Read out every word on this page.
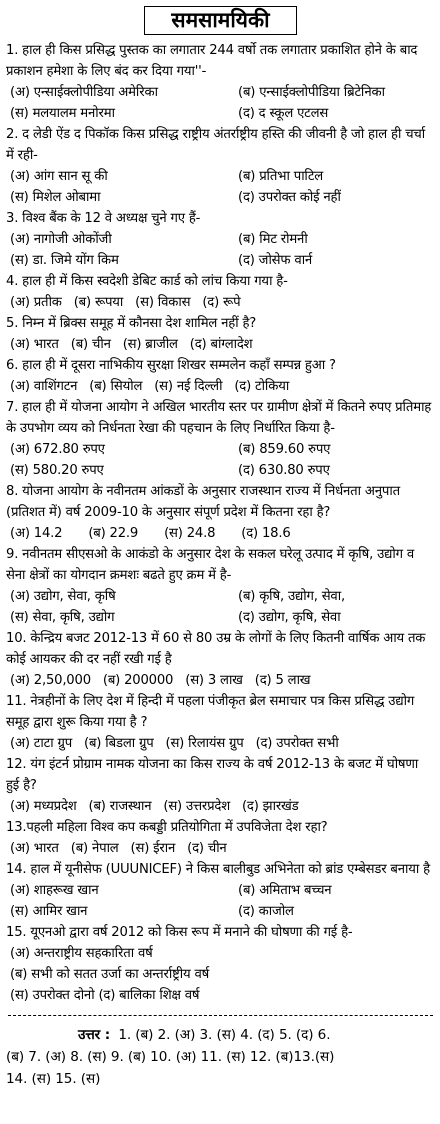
समसामयिकी
1. हाल ही किस प्रसिद्ध पुस्तक का लगातार 244 वर्षो तक लगातार प्रकाशित होने के बाद प्रकाशन हमेशा के लिए बंद कर दिया गया''-
(अ) एन्साईक्लोपीडिया अमेरिका	(ब) एन्साईक्लोपीडिया ब्रिटेनिका
(स) मलयालम मनोरमा	(द) द स्कूल एटलस
2. द लेडी ऐंड द पिकॉक किस प्रसिद्ध राष्ट्रीय अंतर्राष्ट्रीय हस्ति की जीवनी है जो हाल ही चर्चा में रही-
(अ) आंग सान सू की	(ब) प्रतिभा पाटिल
(स) मिशेल ओबामा	(द) उपरोक्त कोई नहीं
3. विश्व बैंक के 12 वे अध्यक्ष चुने गए हैं-
(अ) नागोजी ओकोंजी	(ब) मिट रोमनी
(स) डा. जिमे योंग किम	(द) जोसेफ वार्न
4. हाल ही में किस स्वदेशी डेबिट कार्ड को लांच किया गया है-
(अ) प्रतीक (ब) रूपया (स) विकास (द) रूपे
5. निम्न में ब्रिक्स समूह में कौनसा देश शामिल नहीं है?
(अ) भारत (ब) चीन (स) ब्राजील (द) बांग्लादेश
6. हाल ही में दूसरा नाभिकीय सुरक्षा शिखर सम्मलेन कहाँ सम्पन्न हुआ ?
(अ) वाशिंगटन (ब) सियोल (स) नई दिल्ली (द) टोकिया
7. हाल ही में योजना आयोग ने अखिल भारतीय स्तर पर ग्रामीण क्षेत्रों में कितने रुपए प्रतिमाह के उपभोग व्यय को निर्धनता रेखा की पहचान के लिए निर्धारित किया है-
(अ) 672.80 रुपए	(ब) 859.60 रुपए
(स) 580.20 रुपए	(द) 630.80 रुपए
8. योजना आयोग के नवीनतम आंकडों के अनुसार राजस्थान राज्य में निर्धनता अनुपात (प्रतिशत में) वर्ष 2009-10 के अनुसार संपूर्ण प्रदेश में कितना रहा है?
(अ) 14.2 (ब) 22.9 (स) 24.8 (द) 18.6
9. नवीनतम सीएसओ के आकंडो के अनुसार देश के सकल घरेलू उत्पाद में कृषि, उद्योग व सेना क्षेत्रों का योगदान क्रमशः बढते हुए क्रम में है-
(अ) उद्योग, सेवा, कृषि	(ब) कृषि, उद्योग, सेवा,
(स) सेवा, कृषि, उद्योग	(द) उद्योग, कृषि, सेवा
10. केन्द्रिय बजट 2012-13 में 60 से 80 उम्र के लोगों के लिए कितनी वार्षिक आय तक कोई आयकर की दर नहीं रखी गई है
(अ) 2,50,000 (ब) 200000 (स) 3 लाख (द) 5 लाख
11. नेत्रहीनों के लिए देश में हिन्दी में पहला पंजीकृत ब्रेल समाचार पत्र किस प्रसिद्ध उद्योग समूह द्वारा शुरू किया गया है ?
(अ) टाटा ग्रुप (ब) बिडला ग्रुप (स) रिलायंस ग्रुप (द) उपरोक्त सभी
12. यंग इंटर्न प्रोग्राम नामक योजना का किस राज्य के वर्ष 2012-13 के बजट में घोषणा हुई है?
(अ) मध्यप्रदेश (ब) राजस्थान (स) उत्तरप्रदेश (द) झारखंड
13.पहली महिला विश्व कप कबड्डी प्रतियोगिता में उपविजेता देश रहा?
(अ) भारत (ब) नेपाल (स) ईरान (द) चीन
14. हाल में यूनीसेफ (UUUNICEF) ने किस बालीबुड अभिनेता को ब्रांड एम्बेसडर बनाया है
(अ) शाहरूख खान	(ब) अमिताभ बच्चन
(स) आमिर खान	(द) काजोल
15. यूएनओ द्वारा वर्ष 2012 को किस रूप में मनाने की घोषणा की गई है-
(अ) अन्तराष्ट्रीय सहकारिता वर्ष
(ब) सभी को सतत उर्जा का अन्तर्राष्ट्रीय वर्ष
(स) उपरोक्त दोनो (द) बालिका शिक्ष वर्ष
उत्तर : 1. (ब) 2. (अ) 3. (स) 4. (द) 5. (द) 6.
(ब) 7. (अ) 8. (स) 9. (ब) 10. (अ) 11. (स) 12. (ब)13.(स)
14. (स) 15. (स)
